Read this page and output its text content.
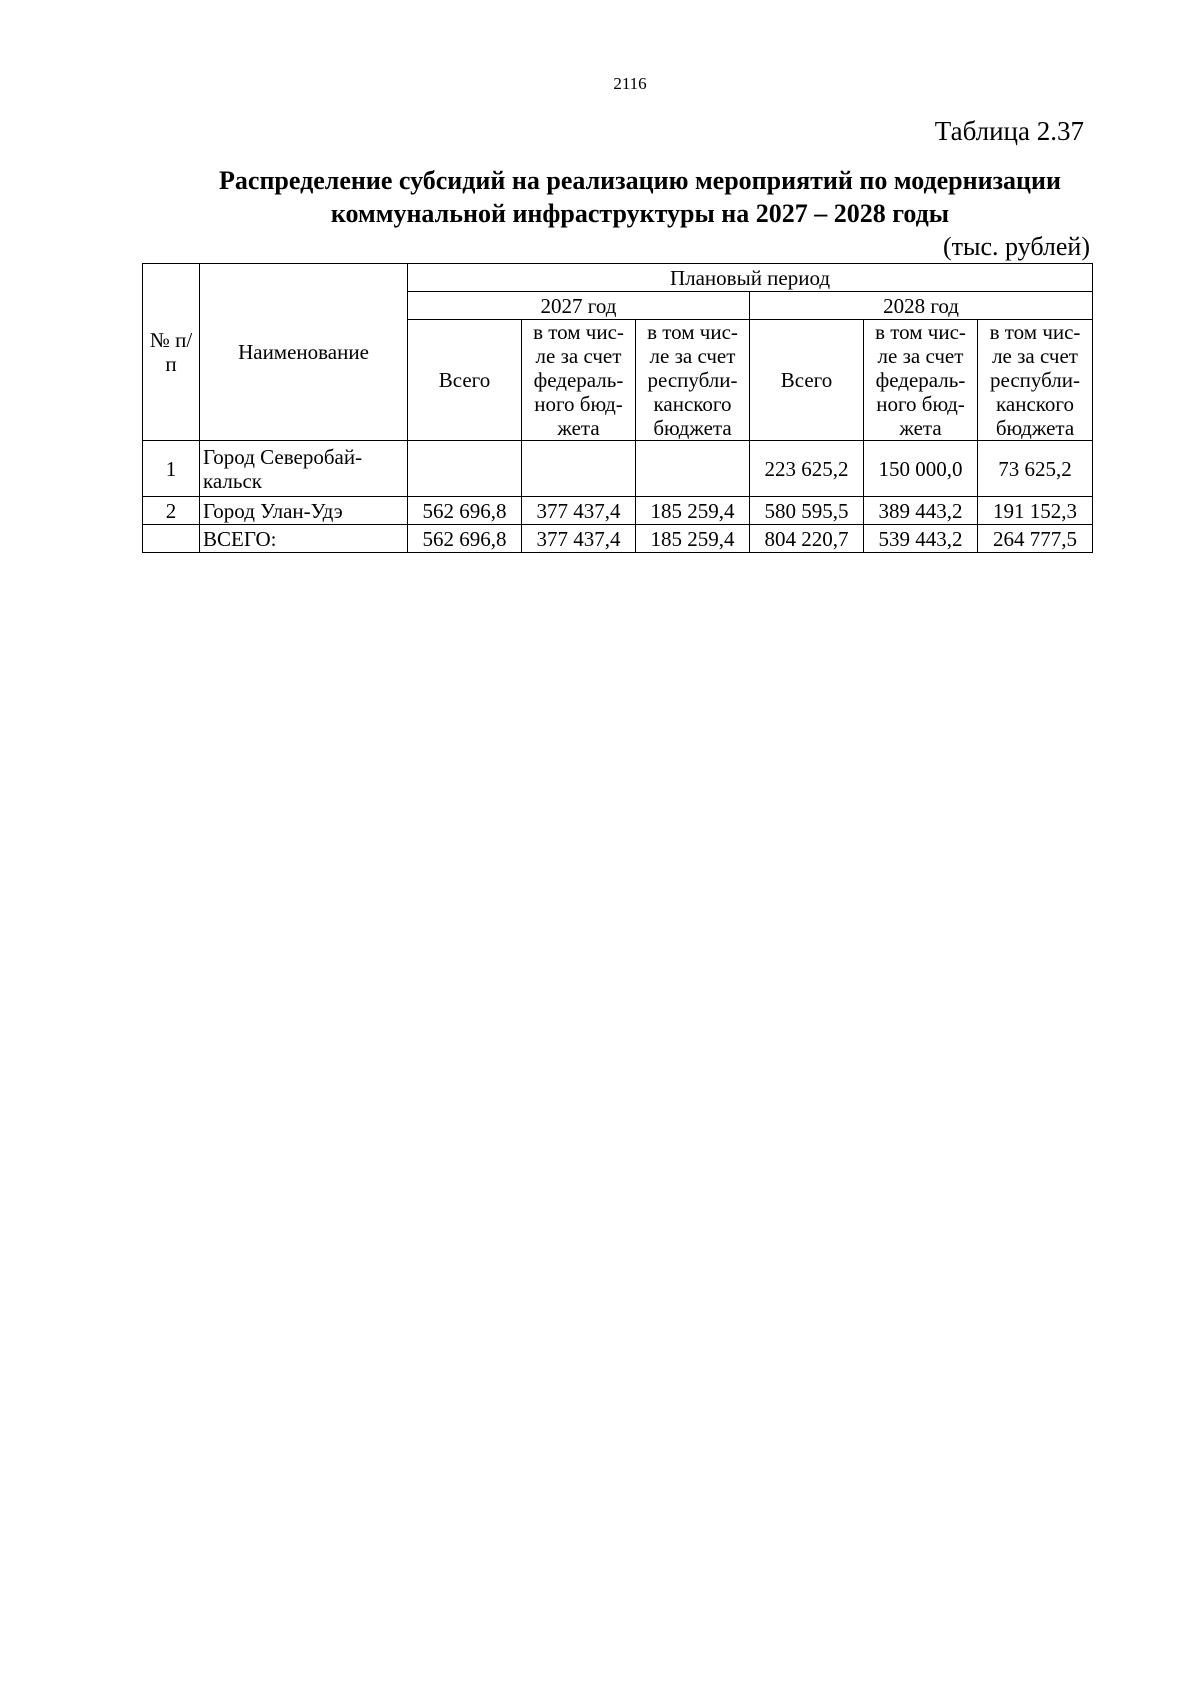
2116
Таблица 2.37
Распределение субсидий на реализацию мероприятий по модернизации
коммунальной инфраструктуры на 2027 – 2028 годы
(тыс. рублей)
№ п/п	Наименование	Плановый период					
		2027 год			2028 год		
		Всего	в том чис-ле за счет федераль-ного бюд-жета	в том чис-ле за счет республи-канского бюджета	Всего	в том чис-ле за счет федераль-ного бюд-жета	в том чис-ле за счет республи-канского бюджета
1	Город Северобай-кальск				223 625,2	150 000,0	73 625,2
2	Город Улан-Удэ	562 696,8	377 437,4	185 259,4	580 595,5	389 443,2	191 152,3
	ВСЕГО:	562 696,8	377 437,4	185 259,4	804 220,7	539 443,2	264 777,5
